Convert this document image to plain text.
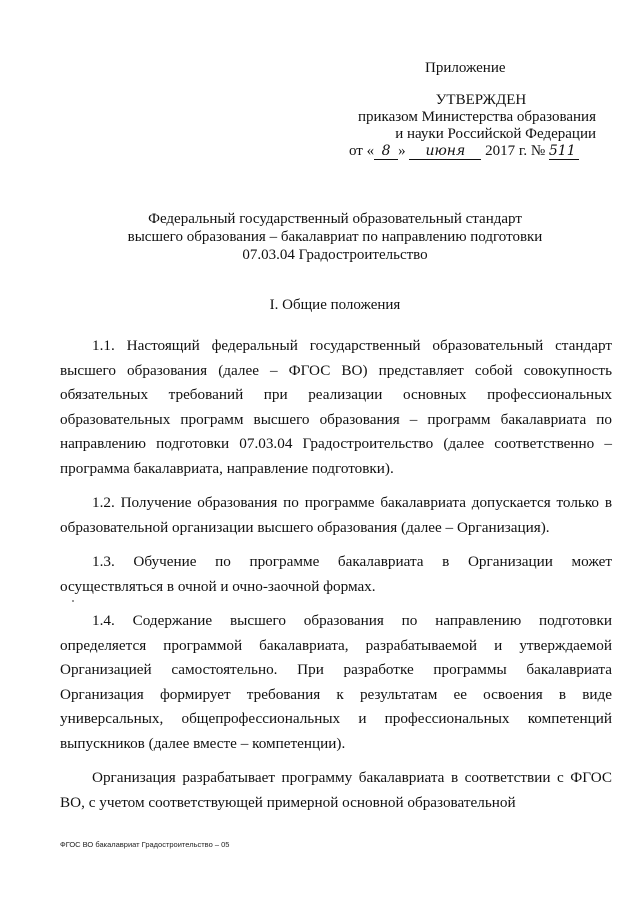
Приложение
УТВЕРЖДЕН
приказом Министерства образования
и науки Российской Федерации
от « 8 » июня 2017 г. № 511
Федеральный государственный образовательный стандарт
высшего образования – бакалавриат по направлению подготовки
07.03.04 Градостроительство
I. Общие положения

1.1. Настоящий федеральный государственный образовательный стандарт высшего образования (далее – ФГОС ВО) представляет собой совокупность обязательных требований при реализации основных профессиональных образовательных программ высшего образования – программ бакалавриата по направлению подготовки 07.03.04 Градостроительство (далее соответственно – программа бакалавриата, направление подготовки).

1.2. Получение образования по программе бакалавриата допускается только в образовательной организации высшего образования (далее – Организация).

1.3. Обучение по программе бакалавриата в Организации может осуществляться в очной и очно-заочной формах.

1.4. Содержание высшего образования по направлению подготовки определяется программой бакалавриата, разрабатываемой и утверждаемой Организацией самостоятельно. При разработке программы бакалавриата Организация формирует требования к результатам ее освоения в виде универсальных, общепрофессиональных и профессиональных компетенций выпускников (далее вместе – компетенции).

Организация разрабатывает программу бакалавриата в соответствии с ФГОС ВО, с учетом соответствующей примерной основной образовательной

ФГОС ВО бакалавриат Градостроительство – 05
